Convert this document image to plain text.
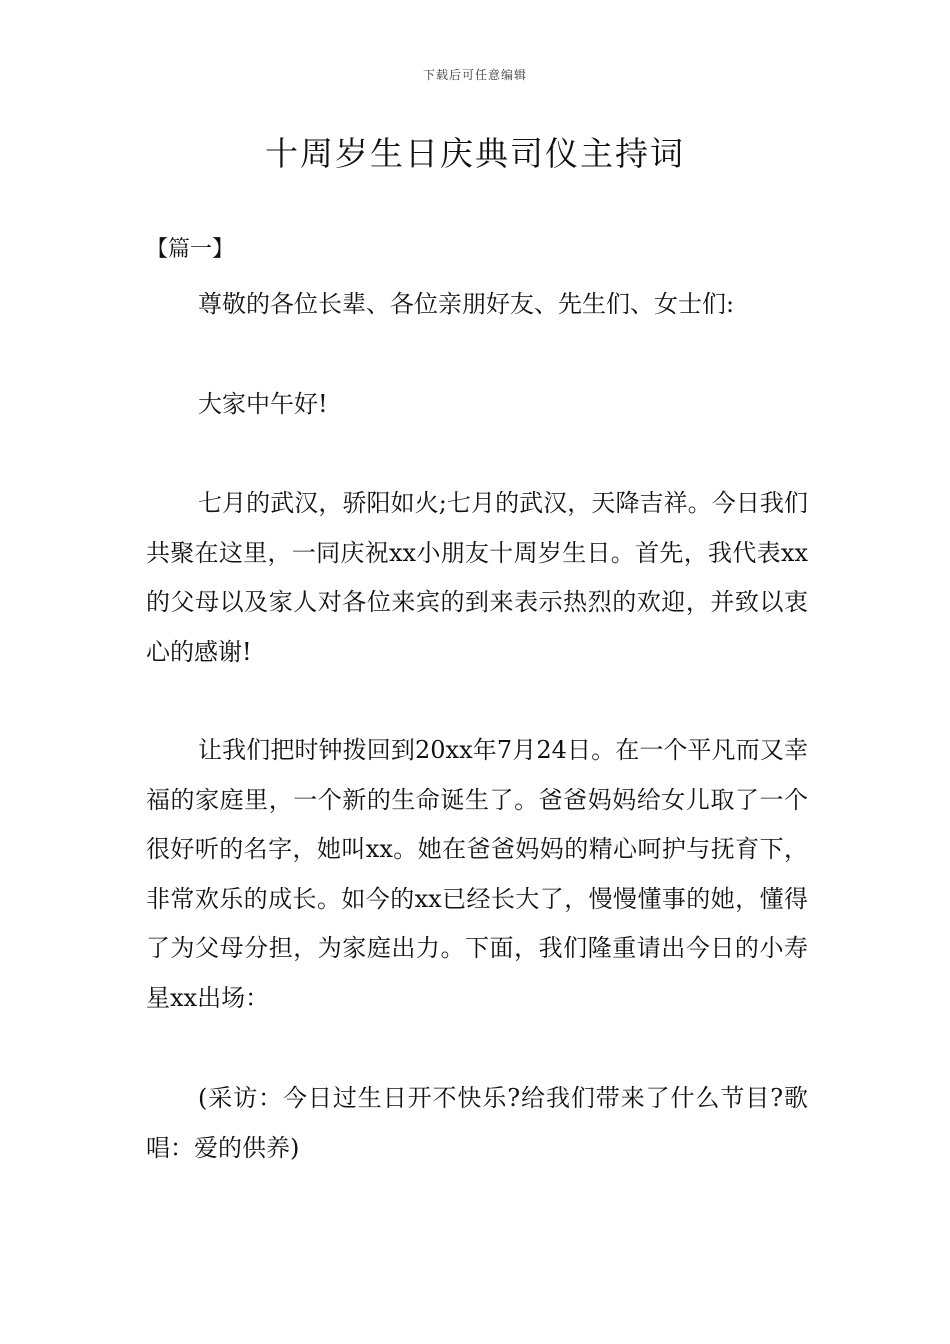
下载后可任意编辑
十周岁生日庆典司仪主持词
【篇一】

尊敬的各位长辈、各位亲朋好友、先生们、女士们:

大家中午好!

七月的武汉，骄阳如火;七月的武汉，天降吉祥。今日我们共聚在这里，一同庆祝xx小朋友十周岁生日。首先，我代表xx的父母以及家人对各位来宾的到来表示热烈的欢迎，并致以衷心的感谢!

让我们把时钟拨回到20xx年7月24日。在一个平凡而又幸福的家庭里，一个新的生命诞生了。爸爸妈妈给女儿取了一个很好听的名字，她叫xx。她在爸爸妈妈的精心呵护与抚育下，非常欢乐的成长。如今的xx已经长大了，慢慢懂事的她，懂得了为父母分担，为家庭出力。下面，我们隆重请出今日的小寿星xx出场：

(采访：今日过生日开不快乐?给我们带来了什么节目?歌唱：爱的供养)
